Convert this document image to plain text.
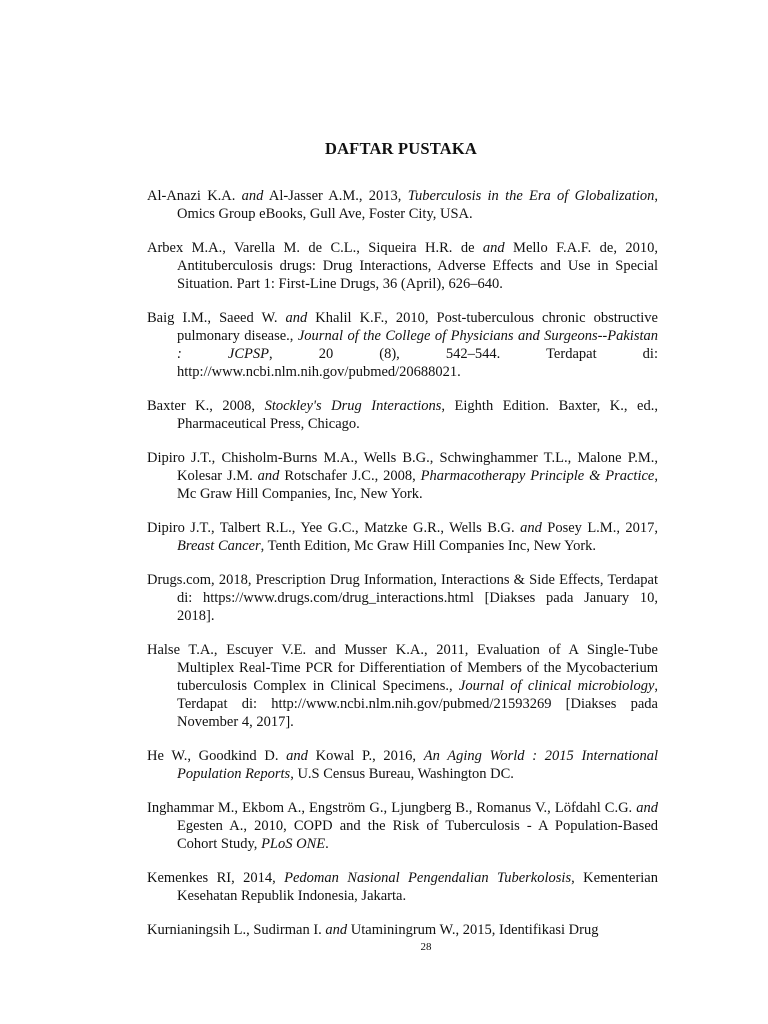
DAFTAR PUSTAKA

Al-Anazi K.A. and Al-Jasser A.M., 2013, Tuberculosis in the Era of Globalization, Omics Group eBooks, Gull Ave, Foster City, USA.

Arbex M.A., Varella M. de C.L., Siqueira H.R. de and Mello F.A.F. de, 2010, Antituberculosis drugs: Drug Interactions, Adverse Effects and Use in Special Situation. Part 1: First-Line Drugs, 36 (April), 626–640.

Baig I.M., Saeed W. and Khalil K.F., 2010, Post-tuberculous chronic obstructive pulmonary disease., Journal of the College of Physicians and Surgeons--Pakistan : JCPSP, 20 (8), 542–544. Terdapat di: http://www.ncbi.nlm.nih.gov/pubmed/20688021.

Baxter K., 2008, Stockley's Drug Interactions, Eighth Edition. Baxter, K., ed., Pharmaceutical Press, Chicago.

Dipiro J.T., Chisholm-Burns M.A., Wells B.G., Schwinghammer T.L., Malone P.M., Kolesar J.M. and Rotschafer J.C., 2008, Pharmacotherapy Principle & Practice, Mc Graw Hill Companies, Inc, New York.

Dipiro J.T., Talbert R.L., Yee G.C., Matzke G.R., Wells B.G. and Posey L.M., 2017, Breast Cancer, Tenth Edition, Mc Graw Hill Companies Inc, New York.

Drugs.com, 2018, Prescription Drug Information, Interactions & Side Effects, Terdapat di: https://www.drugs.com/drug_interactions.html [Diakses pada January 10, 2018].

Halse T.A., Escuyer V.E. and Musser K.A., 2011, Evaluation of A Single-Tube Multiplex Real-Time PCR for Differentiation of Members of the Mycobacterium tuberculosis Complex in Clinical Specimens., Journal of clinical microbiology, Terdapat di: http://www.ncbi.nlm.nih.gov/pubmed/21593269 [Diakses pada November 4, 2017].

He W., Goodkind D. and Kowal P., 2016, An Aging World : 2015 International Population Reports, U.S Census Bureau, Washington DC.

Inghammar M., Ekbom A., Engström G., Ljungberg B., Romanus V., Löfdahl C.G. and Egesten A., 2010, COPD and the Risk of Tuberculosis - A Population-Based Cohort Study, PLoS ONE.

Kemenkes RI, 2014, Pedoman Nasional Pengendalian Tuberkolosis, Kementerian Kesehatan Republik Indonesia, Jakarta.

Kurnianingsih L., Sudirman I. and Utaminingrum W., 2015, Identifikasi Drug

28
